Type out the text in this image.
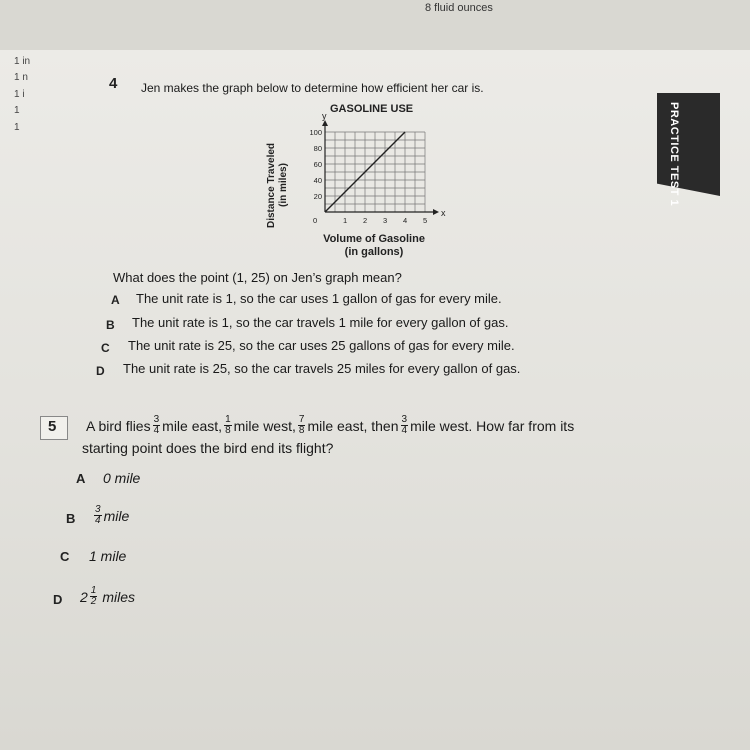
8 fluid ounces
1 in
1 n
1 i
1
1	PRACTICE TEST 1
4 Jen makes the graph below to determine how efficient her car is.
GASOLINE USE
Distance Traveled (in miles)
Volume of Gasoline (in gallons)
x
y
0	1 2 3 4 5
20
40
60
80
100
What does the point (1, 25) on Jen’s graph mean?
A The unit rate is 1, so the car uses 1 gallon of gas for every mile.
B The unit rate is 1, so the car travels 1 mile for every gallon of gas.
C The unit rate is 25, so the car uses 25 gallons of gas for every mile.
D The unit rate is 25, so the car travels 25 miles for every gallon of gas.
5 A bird flies $\frac{3}{4}$ mile east, $\frac{1}{8}$ mile west, $\frac{7}{8}$ mile east, then $\frac{3}{4}$ mile west. How far from its
starting point does the bird end its flight?
A 0 mile
B $\frac{3}{4}$ mile
C 1 mile
D $2 \frac{1}{2}$ miles
